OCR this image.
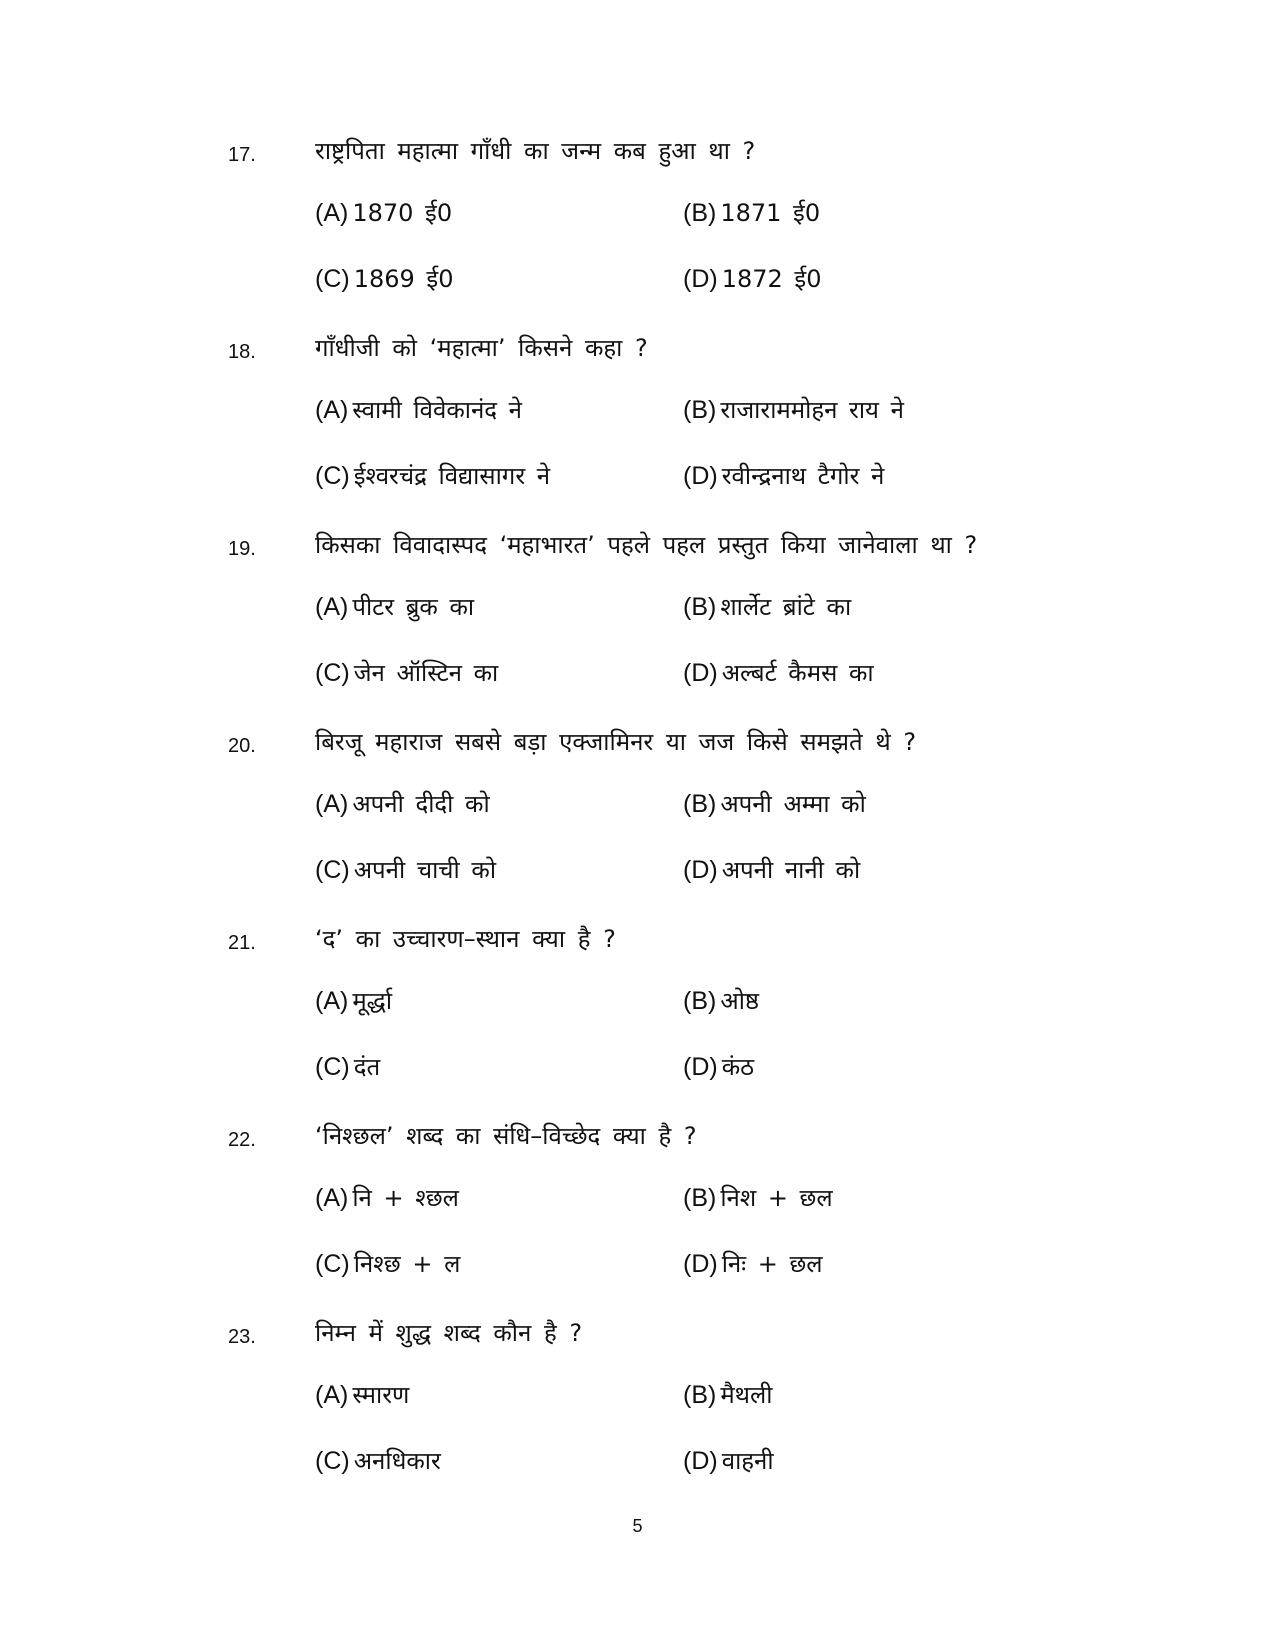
17. राष्ट्रपिता महात्मा गाँधी का जन्म कब हुआ था ?
(A) 1870 ई0	(B) 1871 ई0
(C) 1869 ई0	(D) 1872 ई0
18. गाँधीजी को ‘महात्मा’ किसने कहा ?
(A) स्वामी विवेकानंद ने	(B) राजाराममोहन राय ने
(C) ईश्वरचंद्र विद्यासागर ने	(D) रवीन्द्रनाथ टैगोर ने
19. किसका विवादास्पद ‘महाभारत’ पहले पहल प्रस्तुत किया जानेवाला था ?
(A) पीटर ब्रुक का	(B) शार्लेट ब्रांटे का
(C) जेन ऑस्टिन का	(D) अल्बर्ट कैमस का
20. बिरजू महाराज सबसे बड़ा एक्जामिनर या जज किसे समझते थे ?
(A) अपनी दीदी को	(B) अपनी अम्मा को
(C) अपनी चाची को	(D) अपनी नानी को
21. ‘द’ का उच्चारण–स्थान क्या है ?
(A) मूर्द्धा	(B) ओष्ठ
(C) दंत	(D) कंठ
22. ‘निश्छल’ शब्द का संधि–विच्छेद क्या है ?
(A) नि + श्छल	(B) निश + छल
(C) निश्छ + ल	(D) निः + छल
23. निम्न में शुद्ध शब्द कौन है ?
(A) स्मारण	(B) मैथली
(C) अनधिकार	(D) वाहनी
5
